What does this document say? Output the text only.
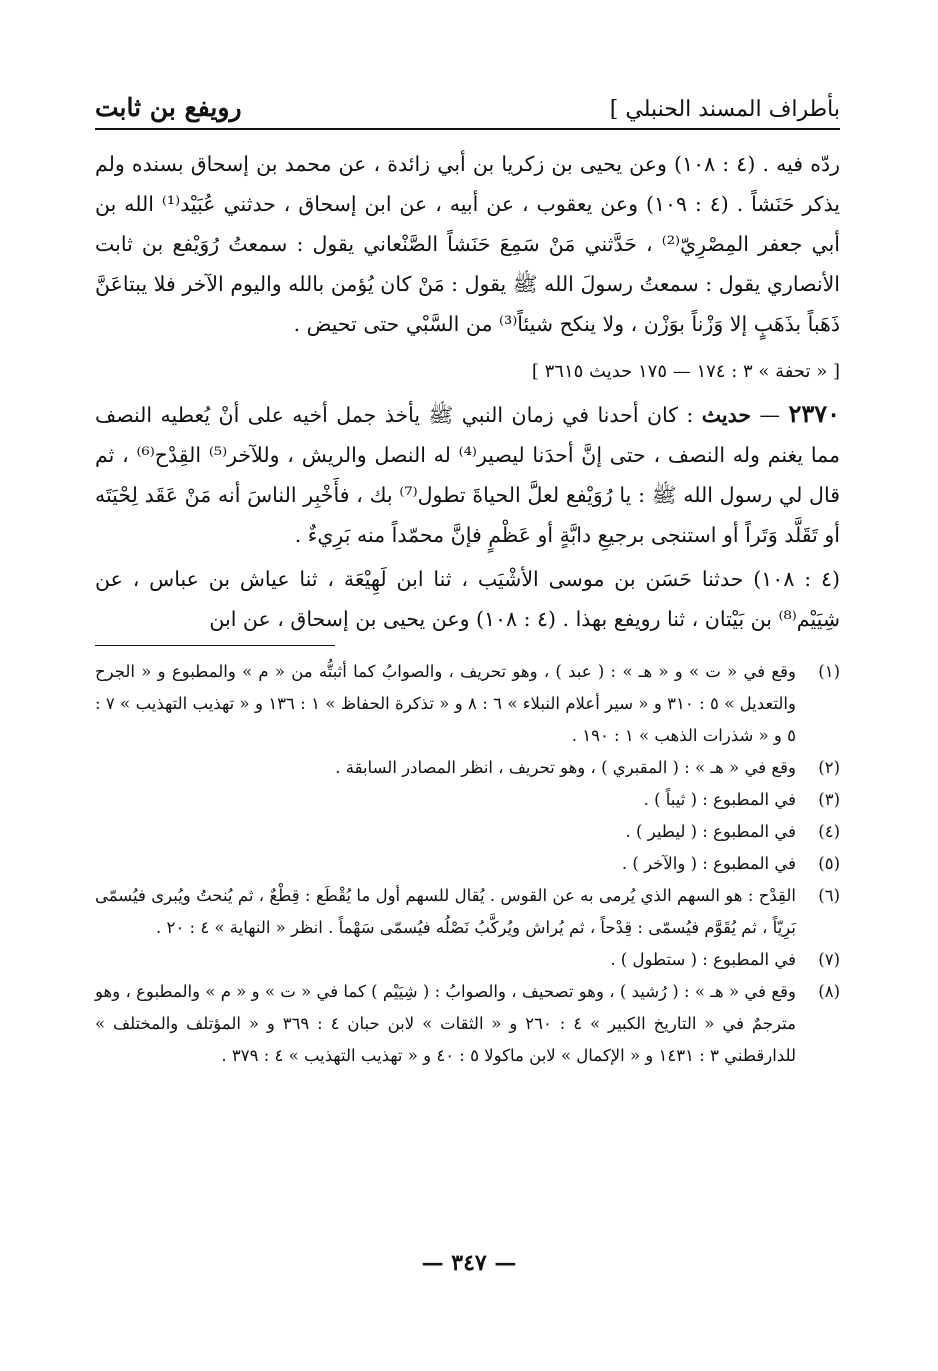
بأطراف المسند الحنبلي ]
رويفع بن ثابت

ردّه فيه . (٤ : ١٠٨) وعن يحيى بن زكريا بن أبي زائدة ، عن محمد بن إسحاق بسنده ولم يذكر حَنَشاً . (٤ : ١٠٩) وعن يعقوب ، عن أبيه ، عن ابن إسحاق ، حدثني عُبَيْد⁽¹⁾ الله بن أبي جعفر المِصْرِيّ⁽²⁾ ، حَدَّثني مَنْ سَمِعَ حَنَشاً الصَّنْعاني يقول : سمعتُ رُوَيْفع بن ثابت الأنصاري يقول : سمعتُ رسولَ الله ﷺ يقول : مَنْ كان يُؤمن بالله واليوم الآخر فلا يبتاعَنَّ ذَهَباً بذَهَبٍ إلا وَزْناً بوَزْن ، ولا ينكح شيئاً⁽³⁾ من السَّبْي حتى تحيض .

[ « تحفة » ٣ : ١٧٤ — ١٧٥ حديث ٣٦١٥ ]

٢٣٧٠ — حديث : كان أحدنا في زمان النبي ﷺ يأخذ جمل أخيه على أنْ يُعطيه النصف مما يغنم وله النصف ، حتى إنَّ أحدَنا ليصير⁽⁴⁾ له النصل والريش ، وللآخر⁽⁵⁾ القِدْح⁽⁶⁾ ، ثم قال لي رسول الله ﷺ : يا رُوَيْفع لعلَّ الحياةَ تطول⁽⁷⁾ بك ، فأَخْبِر الناسَ أنه مَنْ عَقَد لِحْيَتَه أو تَقَلَّد وَتَراً أو استنجى برجيعِ دابَّةٍ أو عَظْمٍ فإنَّ محمّداً منه بَرِيءٌ .

(٤ : ١٠٨) حدثنا حَسَن بن موسى الأشْيَب ، ثنا ابن لَهِيْعَة ، ثنا عياش بن عباس ، عن شِيَيْم⁽⁸⁾ بن بَيْتان ، ثنا رويفع بهذا . (٤ : ١٠٨) وعن يحيى بن إسحاق ، عن ابن

(١)
وقع في « ت » و « هـ » : ( عبد ) ، وهو تحريف ، والصوابُ كما أثبتُّه من « م » والمطبوع و « الجرح والتعديل » ٥ : ٣١٠ و « سير أعلام النبلاء » ٦ : ٨ و « تذكرة الحفاظ » ١ : ١٣٦ و « تهذيب التهذيب » ٧ : ٥ و « شذرات الذهب » ١ : ١٩٠ .
(٢)
وقع في « هـ » : ( المقبري ) ، وهو تحريف ، انظر المصادر السابقة .
(٣)
في المطبوع : ( ثيباً ) .
(٤)
في المطبوع : ( ليطير ) .
(٥)
في المطبوع : ( والآخر ) .
(٦)
القِدْح : هو السهم الذي يُرمى به عن القوس . يُقال للسهم أول ما يُقْطَع : قِطْعٌ ، ثم يُنحتُ ويُبرى فيُسمّى بَرِيّاً ، ثم يُقَوَّم فيُسمّى : قِدْحاً ، ثم يُراش ويُركَّبُ نَصْلُه فيُسمّى سَهْماً . انظر « النهاية » ٤ : ٢٠ .
(٧)
في المطبوع : ( ستطول ) .
(٨)
وقع في « هـ » : ( رُشيد ) ، وهو تصحيف ، والصوابُ : ( شِيَيْم ) كما في « ت » و « م » والمطبوع ، وهو مترجمٌ في « التاريخ الكبير » ٤ : ٢٦٠ و « الثقات » لابن حبان ٤ : ٣٦٩ و « المؤتلف والمختلف » للدارقطني ٣ : ١٤٣١ و « الإكمال » لابن ماكولا ٥ : ٤٠ و « تهذيب التهذيب » ٤ : ٣٧٩ .
— ٣٤٧ —
